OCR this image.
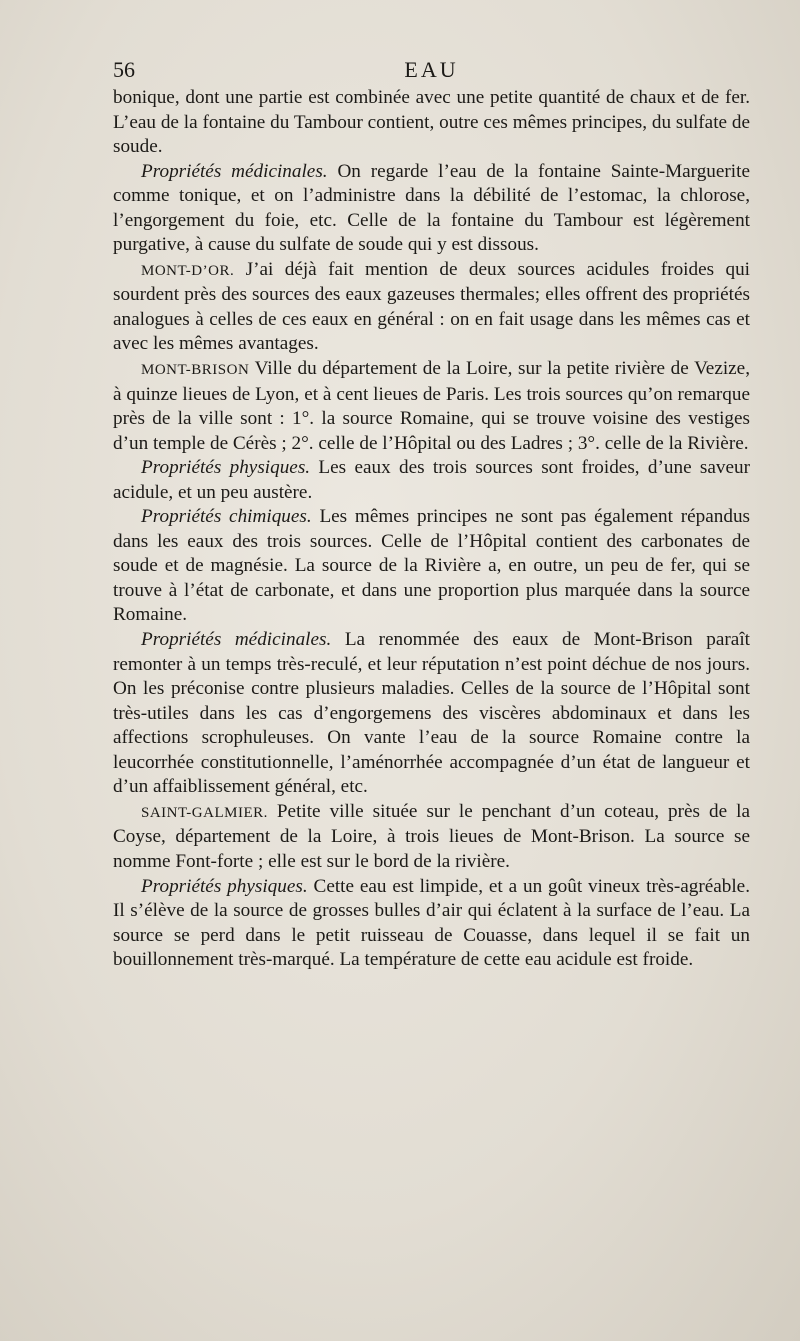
56	EAU

bonique, dont une partie est combinée avec une petite quantité de chaux et de fer. L’eau de la fontaine du Tambour contient, outre ces mêmes principes, du sulfate de soude.

Propriétés médicinales. On regarde l’eau de la fontaine Sainte-Marguerite comme tonique, et on l’administre dans la débilité de l’estomac, la chlorose, l’engorgement du foie, etc. Celle de la fontaine du Tambour est légèrement purgative, à cause du sulfate de soude qui y est dissous.

MONT-D’OR. J’ai déjà fait mention de deux sources acidules froides qui sourdent près des sources des eaux gazeuses thermales; elles offrent des propriétés analogues à celles de ces eaux en général : on en fait usage dans les mêmes cas et avec les mêmes avantages.

MONT-BRISON Ville du département de la Loire, sur la petite rivière de Vezize, à quinze lieues de Lyon, et à cent lieues de Paris. Les trois sources qu’on remarque près de la ville sont : 1°. la source Romaine, qui se trouve voisine des vestiges d’un temple de Cérès ; 2°. celle de l’Hôpital ou des Ladres ; 3°. celle de la Rivière.

Propriétés physiques. Les eaux des trois sources sont froides, d’une saveur acidule, et un peu austère.

Propriétés chimiques. Les mêmes principes ne sont pas également répandus dans les eaux des trois sources. Celle de l’Hôpital contient des carbonates de soude et de magnésie. La source de la Rivière a, en outre, un peu de fer, qui se trouve à l’état de carbonate, et dans une proportion plus marquée dans la source Romaine.

Propriétés médicinales. La renommée des eaux de Mont-Brison paraît remonter à un temps très-reculé, et leur réputation n’est point déchue de nos jours. On les préconise contre plusieurs maladies. Celles de la source de l’Hôpital sont très-utiles dans les cas d’engorgemens des viscères abdominaux et dans les affections scrophuleuses. On vante l’eau de la source Romaine contre la leucorrhée constitutionnelle, l’aménorrhée accompagnée d’un état de langueur et d’un affaiblissement général, etc.

SAINT-GALMIER. Petite ville située sur le penchant d’un coteau, près de la Coyse, département de la Loire, à trois lieues de Mont-Brison. La source se nomme Font-forte ; elle est sur le bord de la rivière.

Propriétés physiques. Cette eau est limpide, et a un goût vineux très-agréable. Il s’élève de la source de grosses bulles d’air qui éclatent à la surface de l’eau. La source se perd dans le petit ruisseau de Couasse, dans lequel il se fait un bouillonnement très-marqué. La température de cette eau acidule est froide.
